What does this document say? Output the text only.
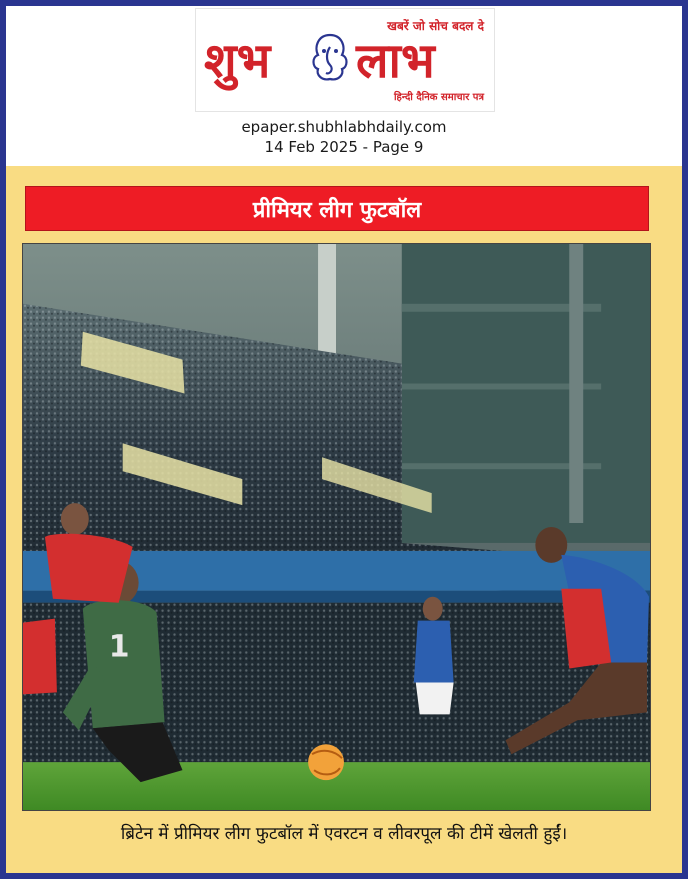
खबरें जो सोच बदल दे
शुभ लाभ
हिन्दी दैनिक समाचार पत्र
epaper.shubhlabhdaily.com
14 Feb 2025 - Page 9
प्रीमियर लीग फुटबॉल
1
ब्रिटेन में प्रीमियर लीग फुटबॉल में एवरटन व लीवरपूल की टीमें खेलती हुईं।
